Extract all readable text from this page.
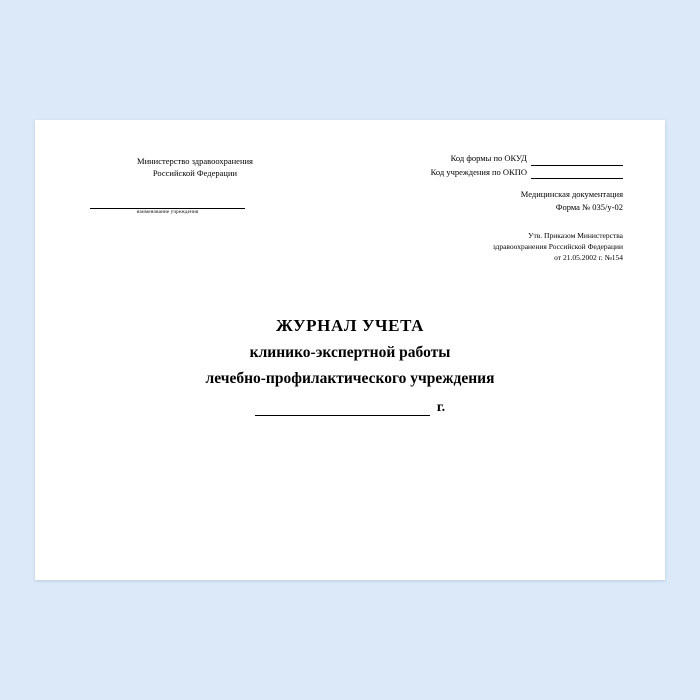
Министерство здравоохранения
Российской Федерации
наименование учреждения
Код формы по ОКУД
Код учреждения по ОКПО
Медицинская документация
Форма № 035/у-02
Утв. Приказом Министерства
здравоохранения Российской Федерации
от 21.05.2002 г. №154
ЖУРНАЛ УЧЕТА
клинико-экспертной работы
лечебно-профилактического учреждения
г.
